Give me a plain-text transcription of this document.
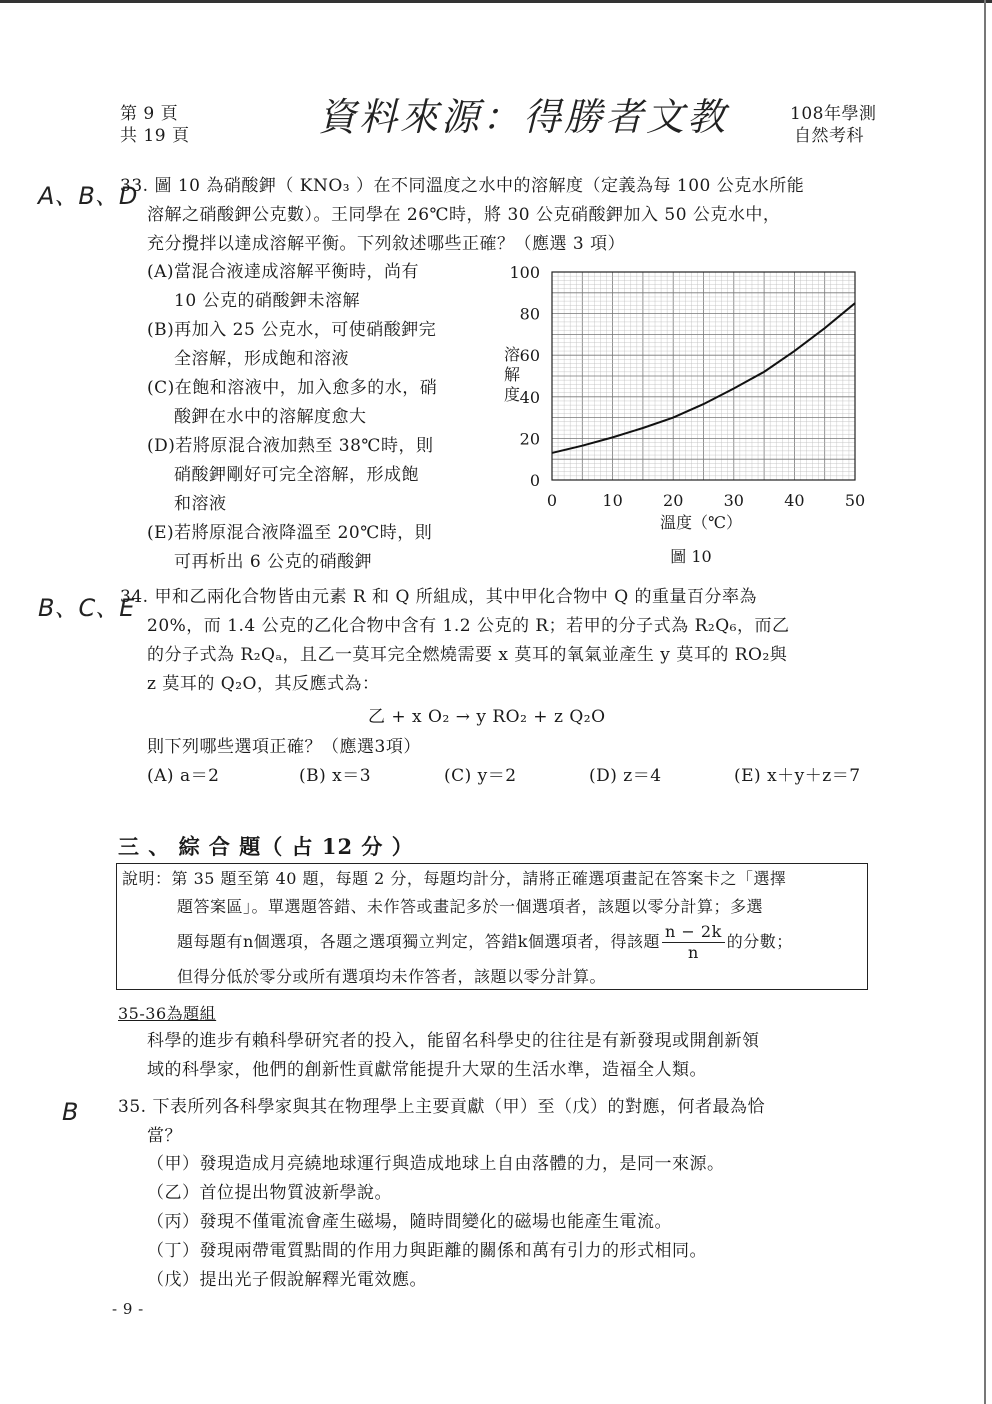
第 9 頁
共 19 頁	資料來源：得勝者文教	108年學測
自然考科
A、B、D
33. 圖 10 為硝酸鉀（ KNO₃ ）在不同溫度之水中的溶解度（定義為每 100 公克水所能
溶解之硝酸鉀公克數）。王同學在 26℃時，將 30 公克硝酸鉀加入 50 公克水中，
充分攪拌以達成溶解平衡。下列敘述哪些正確？（應選 3 項）
(A)當混合液達成溶解平衡時，尚有
10 公克的硝酸鉀未溶解
(B)再加入 25 公克水，可使硝酸鉀完
全溶解，形成飽和溶液
(C)在飽和溶液中，加入愈多的水，硝
酸鉀在水中的溶解度愈大
(D)若將原混合液加熱至 38℃時，則
硝酸鉀剛好可完全溶解，形成飽
和溶液
(E)若將原混合液降溫至 20℃時，則
可再析出 6 公克的硝酸鉀
0	10	20	30	40	50
0
20
40
60
80
100
溶解度
溫度（℃）
圖 10
B、C、E
34. 甲和乙兩化合物皆由元素 R 和 Q 所組成，其中甲化合物中 Q 的重量百分率為
20%，而 1.4 公克的乙化合物中含有 1.2 公克的 R；若甲的分子式為 R₂Q₆，而乙
的分子式為 R₂Qₐ，且乙一莫耳完全燃燒需要 x 莫耳的氧氣並產生 y 莫耳的 RO₂與
z 莫耳的 Q₂O，其反應式為：
乙 + x O₂ → y RO₂ + z Q₂O
則下列哪些選項正確？（應選3項）
(A) a＝2	(B) x＝3	(C) y＝2	(D) z＝4	(E) x＋y＋z＝7
三 、 綜 合 題（ 占 12 分 ）
說明：第 35 題至第 40 題，每題 2 分，每題均計分，請將正確選項畫記在答案卡之「選擇
題答案區」。單選題答錯、未作答或畫記多於一個選項者，該題以零分計算；多選
題每題有n個選項，各題之選項獨立判定，答錯k個選項者，得該題 $\frac{n - 2k}{n}$ 的分數；
但得分低於零分或所有選項均未作答者，該題以零分計算。
35-36為題組
科學的進步有賴科學研究者的投入，能留名科學史的往往是有新發現或開創新領
域的科學家，他們的創新性貢獻常能提升大眾的生活水準，造福全人類。
B 35. 下表所列各科學家與其在物理學上主要貢獻（甲）至（戊）的對應，何者最為恰
當？
（甲）發現造成月亮繞地球運行與造成地球上自由落體的力，是同一來源。
（乙）首位提出物質波新學說。
（丙）發現不僅電流會產生磁場，隨時間變化的磁場也能產生電流。
（丁）發現兩帶電質點間的作用力與距離的關係和萬有引力的形式相同。
（戊）提出光子假說解釋光電效應。
- 9 -
